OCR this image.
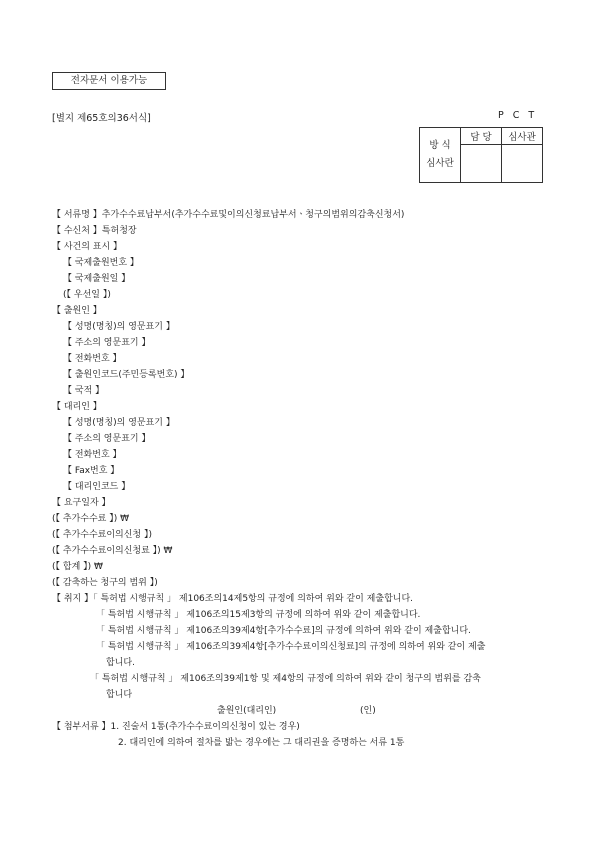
전자문서 이용가능
[별지 제65호의36서식]	PCT
방 식
심사란	담 당	심사관

【 서류명 】추가수수료납부서(추가수수료및이의신청료납부서ㆍ청구의범위의감축신청서)
【 수신처 】특허청장
【 사건의 표시 】
【 국제출원번호 】
【 국제출원일 】
(【 우선일 】)
【 출원인 】
【 성명(명칭)의 영문표기 】
【 주소의 영문표기 】
【 전화번호 】
【 출원인코드(주민등록번호) 】
【 국적 】
【 대리인 】
【 성명(명칭)의 영문표기 】
【 주소의 영문표기 】
【 전화번호 】
【 Fax번호 】
【 대리인코드 】
【 요구일자 】
(【 추가수수료 】) ₩
(【 추가수수료이의신청 】)
(【 추가수수료이의신청료 】) ₩
(【 합계 】) ₩
(【 감축하는 청구의 범위 】)
【 취지 】「 특허법 시행규칙 」 제106조의14제5항의 규정에 의하여 위와 같이 제출합니다.
「 특허법 시행규칙 」 제106조의15제3항의 규정에 의하여 위와 같이 제출합니다.
「 특허법 시행규칙 」 제106조의39제4항[추가수수료]의 규정에 의하여 위와 같이 제출합니다.
「 특허법 시행규칙 」 제106조의39제4항[추가수수료이의신청료]의 규정에 의하여 위와 같이 제출
합니다.
「 특허법 시행규칙 」 제106조의39제1항 및 제4항의 규정에 의하여 위와 같이 청구의 범위를 감축
합니다
출원인(대리인)	(인)
【 첨부서류 】1. 진술서 1통(추가수수료이의신청이 있는 경우)
2. 대리인에 의하여 절차를 밟는 경우에는 그 대리권을 증명하는 서류 1통
